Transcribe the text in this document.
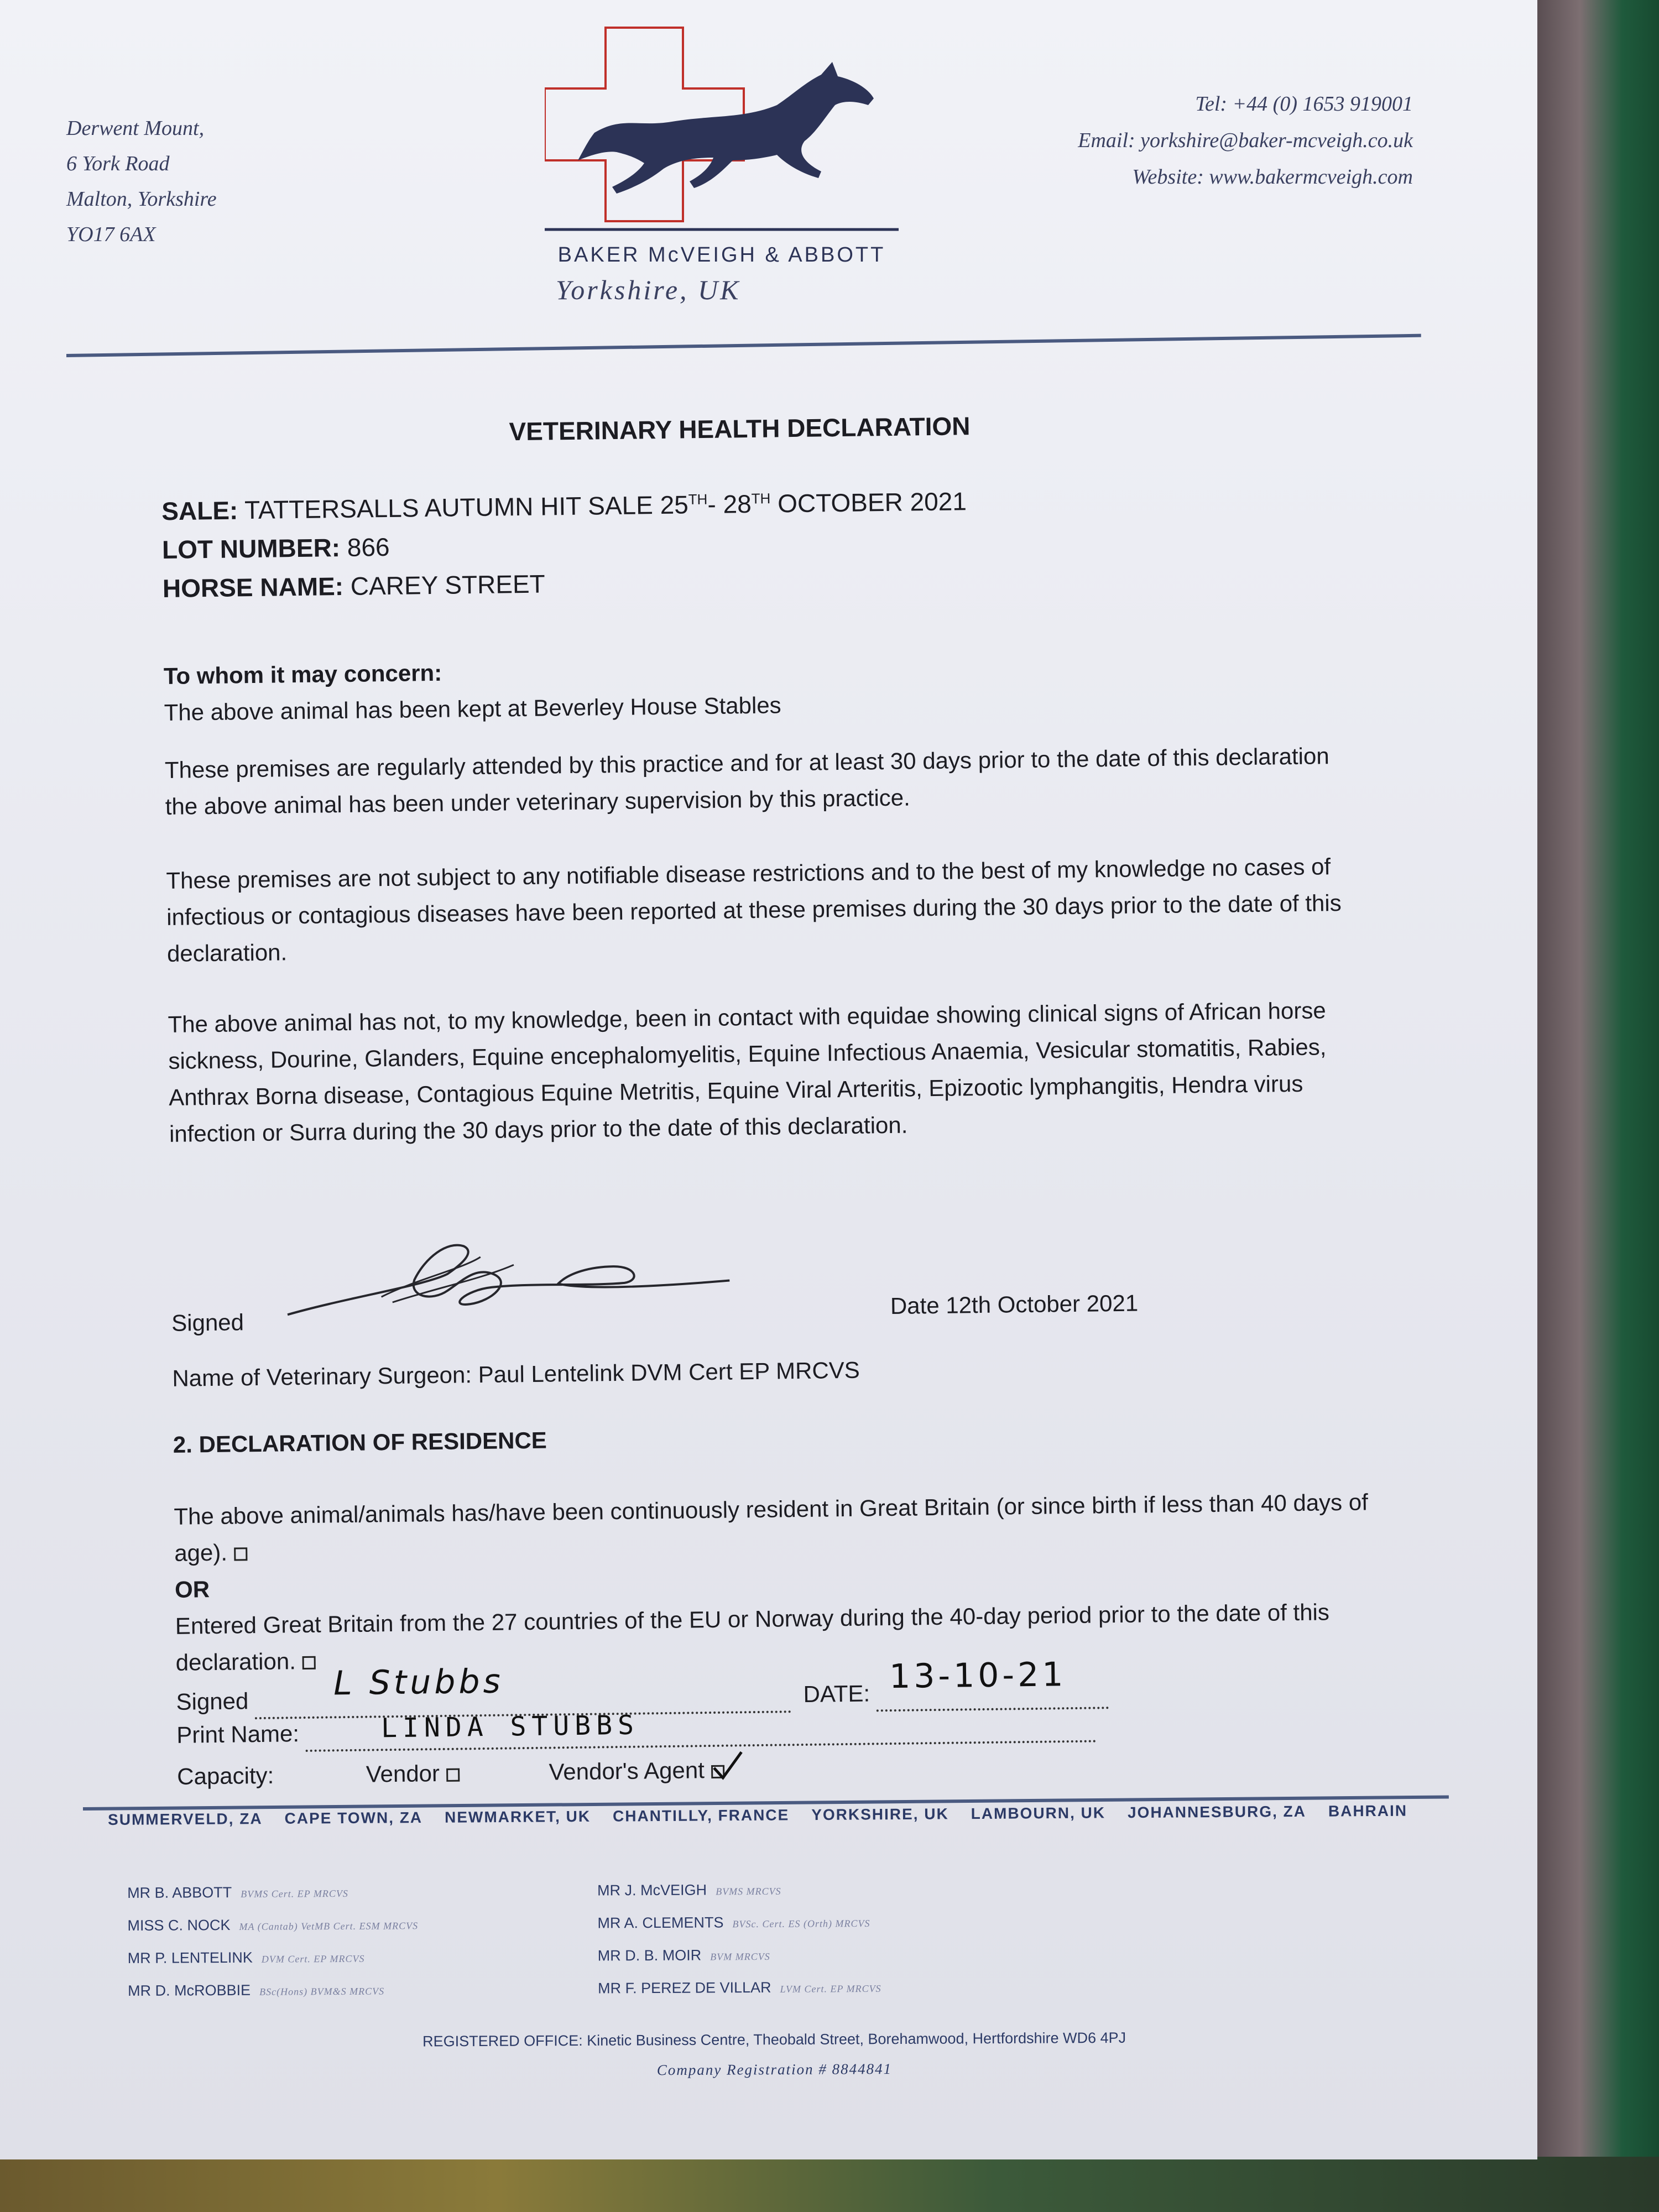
Derwent Mount,
6 York Road
Malton, Yorkshire
YO17 6AX
BAKER McVEIGH & ABBOTT
Yorkshire, UK
Tel: +44 (0) 1653 919001
Email: yorkshire@baker-mcveigh.co.uk
Website: www.bakermcveigh.com
VETERINARY HEALTH DECLARATION
SALE: TATTERSALLS AUTUMN HIT SALE 25TH- 28TH OCTOBER 2021
LOT NUMBER: 866
HORSE NAME: CAREY STREET
To whom it may concern:
The above animal has been kept at Beverley House Stables
These premises are regularly attended by this practice and for at least 30 days prior to the date of this declaration the above animal has been under veterinary supervision by this practice.
These premises are not subject to any notifiable disease restrictions and to the best of my knowledge no cases of infectious or contagious diseases have been reported at these premises during the 30 days prior to the date of this declaration.
The above animal has not, to my knowledge, been in contact with equidae showing clinical signs of African horse sickness, Dourine, Glanders, Equine encephalomyelitis, Equine Infectious Anaemia, Vesicular stomatitis, Rabies, Anthrax Borna disease, Contagious Equine Metritis, Equine Viral Arteritis, Epizootic lymphangitis, Hendra virus infection or Surra during the 30 days prior to the date of this declaration.
Signed
Date 12th October 2021
Name of Veterinary Surgeon: Paul Lentelink DVM Cert EP MRCVS
2. DECLARATION OF RESIDENCE
The above animal/animals has/have been continuously resident in Great Britain (or since birth if less than 40 days of age).
OR
Entered Great Britain from the 27 countries of the EU or Norway during the 40-day period prior to the date of this declaration.
Signed	L Stubbs	DATE: 13-10-21
Print Name:	LINDA STUBBS
Capacity:	Vendor	Vendor's Agent
SUMMERVELD, ZA CAPE TOWN, ZA NEWMARKET, UK CHANTILLY, FRANCE YORKSHIRE, UK LAMBOURN, UK JOHANNESBURG, ZA BAHRAIN
MR B. ABBOTT BVMS Cert. EP MRCVS
MISS C. NOCK MA (Cantab) VetMB Cert. ESM MRCVS
MR P. LENTELINK DVM Cert. EP MRCVS
MR D. McROBBIE BSc(Hons) BVM&S MRCVS
MR J. McVEIGH BVMS MRCVS
MR A. CLEMENTS BVSc. Cert. ES (Orth) MRCVS
MR D. B. MOIR BVM MRCVS
MR F. PEREZ DE VILLAR LVM Cert. EP MRCVS
REGISTERED OFFICE: Kinetic Business Centre, Theobald Street, Borehamwood, Hertfordshire WD6 4PJ
Company Registration # 8844841
